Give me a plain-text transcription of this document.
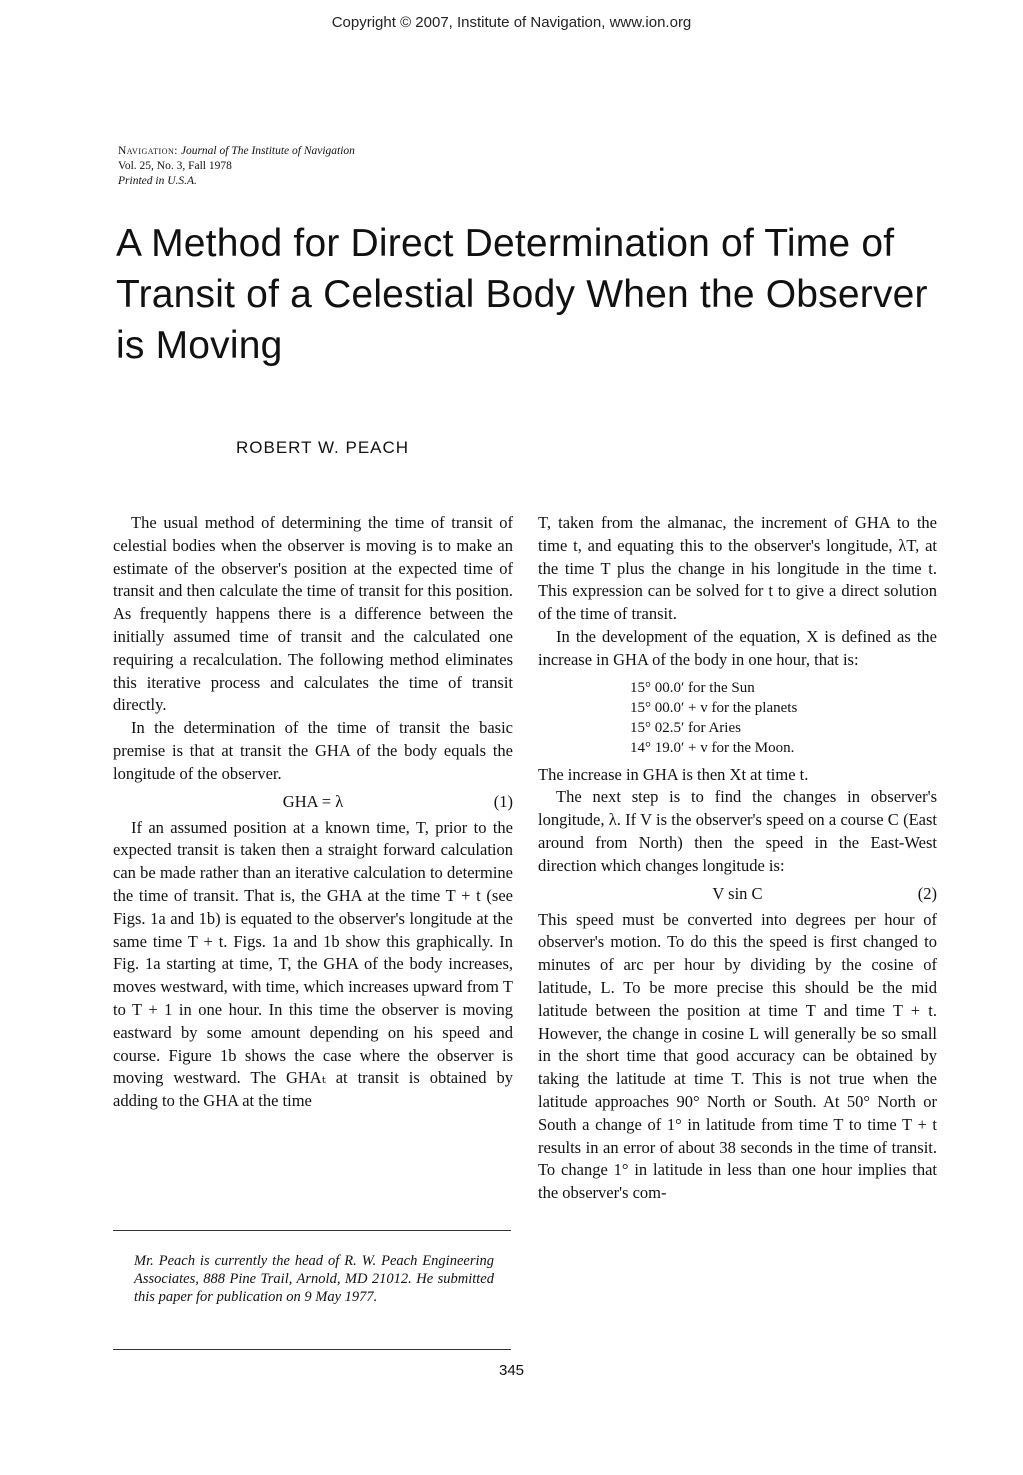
Copyright © 2007, Institute of Navigation, www.ion.org
Navigation: Journal of The Institute of Navigation
Vol. 25, No. 3, Fall 1978
Printed in U.S.A.
A Method for Direct Determination of Time of Transit of a Celestial Body When the Observer is Moving
ROBERT W. PEACH

The usual method of determining the time of transit of celestial bodies when the observer is moving is to make an estimate of the observer's position at the expected time of transit and then calculate the time of transit for this position. As frequently happens there is a difference between the initially assumed time of transit and the calculated one requiring a recalculation. The following method eliminates this iterative process and calculates the time of transit directly.

In the determination of the time of transit the basic premise is that at transit the GHA of the body equals the longitude of the observer.

GHA = λ	(1)

If an assumed position at a known time, T, prior to the expected transit is taken then a straight forward calculation can be made rather than an iterative calculation to determine the time of transit. That is, the GHA at the time T + t (see Figs. 1a and 1b) is equated to the observer's longitude at the same time T + t. Figs. 1a and 1b show this graphically. In Fig. 1a starting at time, T, the GHA of the body increases, moves westward, with time, which increases upward from T to T + 1 in one hour. In this time the observer is moving eastward by some amount depending on his speed and course. Figure 1b shows the case where the observer is moving westward. The GHAₜ at transit is obtained by adding to the GHA at the time

T, taken from the almanac, the increment of GHA to the time t, and equating this to the observer's longitude, λT, at the time T plus the change in his longitude in the time t. This expression can be solved for t to give a direct solution of the time of transit.

In the development of the equation, X is defined as the increase in GHA of the body in one hour, that is:

15° 00.0′ for the Sun
15° 00.0′ + v for the planets
15° 02.5′ for Aries
14° 19.0′ + v for the Moon.

The increase in GHA is then Xt at time t.

The next step is to find the changes in observer's longitude, λ. If V is the observer's speed on a course C (East around from North) then the speed in the East-West direction which changes longitude is:

V sin C	(2)

This speed must be converted into degrees per hour of observer's motion. To do this the speed is first changed to minutes of arc per hour by dividing by the cosine of latitude, L. To be more precise this should be the mid latitude between the position at time T and time T + t. However, the change in cosine L will generally be so small in the short time that good accuracy can be obtained by taking the latitude at time T. This is not true when the latitude approaches 90° North or South. At 50° North or South a change of 1° in latitude from time T to time T + t results in an error of about 38 seconds in the time of transit. To change 1° in latitude in less than one hour implies that the observer's com-

Mr. Peach is currently the head of R. W. Peach Engineering Associates, 888 Pine Trail, Arnold, MD 21012. He submitted this paper for publication on 9 May 1977.
345
